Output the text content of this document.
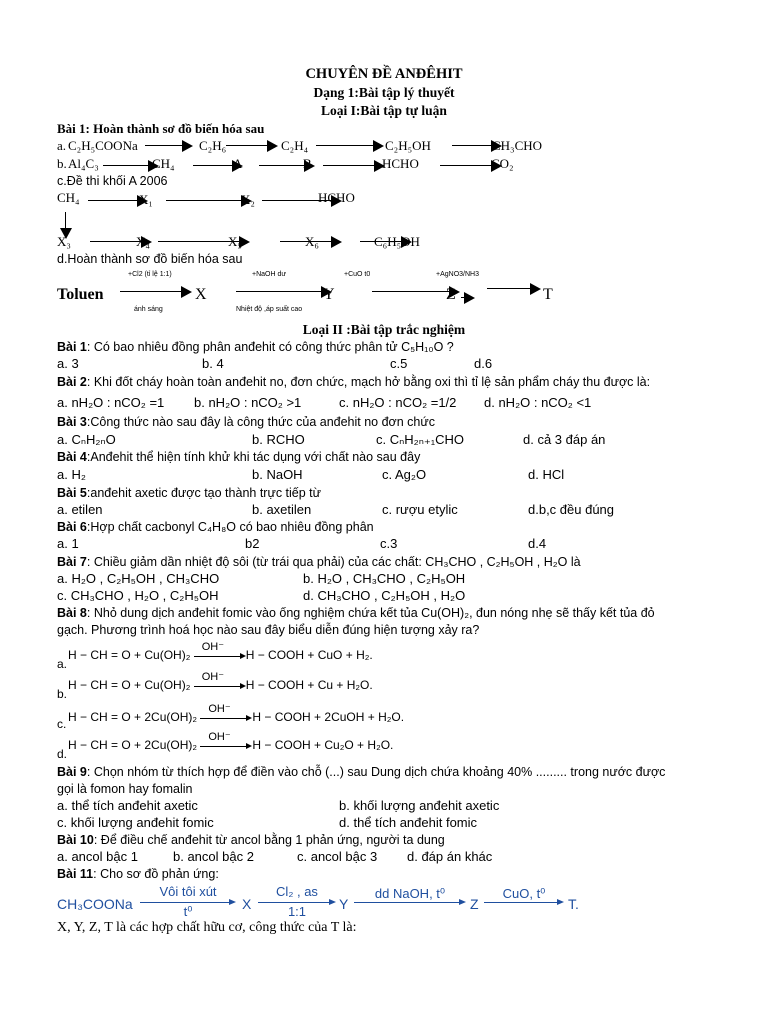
CHUYÊN ĐỀ ANĐÊHIT
Dạng 1:Bài tập lý thuyết
Loại I:Bài tập tự luận
Bài 1: Hoàn thành sơ đồ biến hóa sau
a. C₂H₅COONa	C₂H₆	C₂H₄	C₂H₅OH	CH₃CHO
b. Al₄C₃	CH₄	A	B	HCHO	CO₂
c.Đề thi khối A 2006
CH₄	X₁	X₂	HCHO
X₃	X₄	X₅	X₆	C₆H₅OH
d.Hoàn thành sơ đồ biến hóa sau
+Cl2 (tỉ lệ 1:1)	+NaOH dư	+CuO t0	+AgNO3/NH3
Toluen	X	Y	Z	T
ánh sáng	Nhiệt độ ,áp suất cao
Loại II :Bài tập trắc nghiệm
Bài 1: Có bao nhiêu đồng phân anđehit có công thức phân tử C₅H₁₀O ?
a. 3	b. 4	c.5	d.6
Bài 2: Khi đốt cháy hoàn toàn anđehit no, đơn chức, mạch hở bằng oxi thì tỉ lệ sản phẩm cháy thu được là:
a. nH₂O : nCO₂ =1 b. nH₂O : nCO₂ >1	c. nH₂O : nCO₂ =1/2 d. nH₂O : nCO₂ <1
Bài 3:Công thức nào sau đây là công thức của anđehit no đơn chức
a. CₙH₂ₙO	b. RCHO	c. CₙH₂ₙ₊₁CHO	d. cả 3 đáp án
Bài 4:Anđehit thể hiện tính khử khi tác dụng với chất nào sau đây
a. H₂	b. NaOH	c. Ag₂O	d. HCl
Bài 5:anđehit axetic được tạo thành trực tiếp từ
a. etilen	b. axetilen	c. rượu etylic	d.b,c đều đúng
Bài 6:Hợp chất cacbonyl C₄H₈O có bao nhiêu đồng phân
a. 1	b2	c.3	d.4
Bài 7: Chiều giảm dần nhiệt độ sôi (từ trái qua phải) của các chất: CH₃CHO , C₂H₅OH , H₂O là
a. H₂O , C₂H₅OH , CH₃CHO	b. H₂O , CH₃CHO , C₂H₅OH
c. CH₃CHO , H₂O , C₂H₅OH	d. CH₃CHO , C₂H₅OH , H₂O
Bài 8: Nhỏ dung dịch anđehit fomic vào ống nghiệm chứa kết tủa Cu(OH)₂, đun nóng nhẹ sẽ thấy kết tủa đỏ
gạch. Phương trình hoá học nào sau đây biểu diễn đúng hiện tượng xảy ra?
a.
H − CH = O + Cu(OH)₂
OH⁻
H − COOH + CuO + H₂.
b.
H − CH = O + Cu(OH)₂
OH⁻
H − COOH + Cu + H₂O.
c. H − CH = O + 2Cu(OH)₂
OH⁻
H − COOH + 2CuOH + H₂O.
d.
H − CH = O + 2Cu(OH)₂
OH⁻
H − COOH + Cu₂O + H₂O.
Bài 9: Chọn nhóm từ thích hợp để điền vào chỗ (...) sau Dung dịch chứa khoảng 40% ......... trong nước được
gọi là fomon hay fomalin
a. thể tích anđehit axetic	b. khối lượng anđehit axetic
c. khối lượng anđehit fomic	d. thể tích anđehit fomic
Bài 10: Để điều chế anđehit từ ancol bằng 1 phản ứng, người ta dung
a. ancol bậc 1	b. ancol bậc 2	c. ancol bậc 3 d. đáp án khác
Bài 11: Cho sơ đồ phản ứng:
CH₃COONa
Vôi tôi xút
t⁰	X
Cl₂ , as
1:1	Y
dd NaOH, t⁰
Z
CuO, t⁰
T.
X, Y, Z, T là các hợp chất hữu cơ, công thức của T là:
